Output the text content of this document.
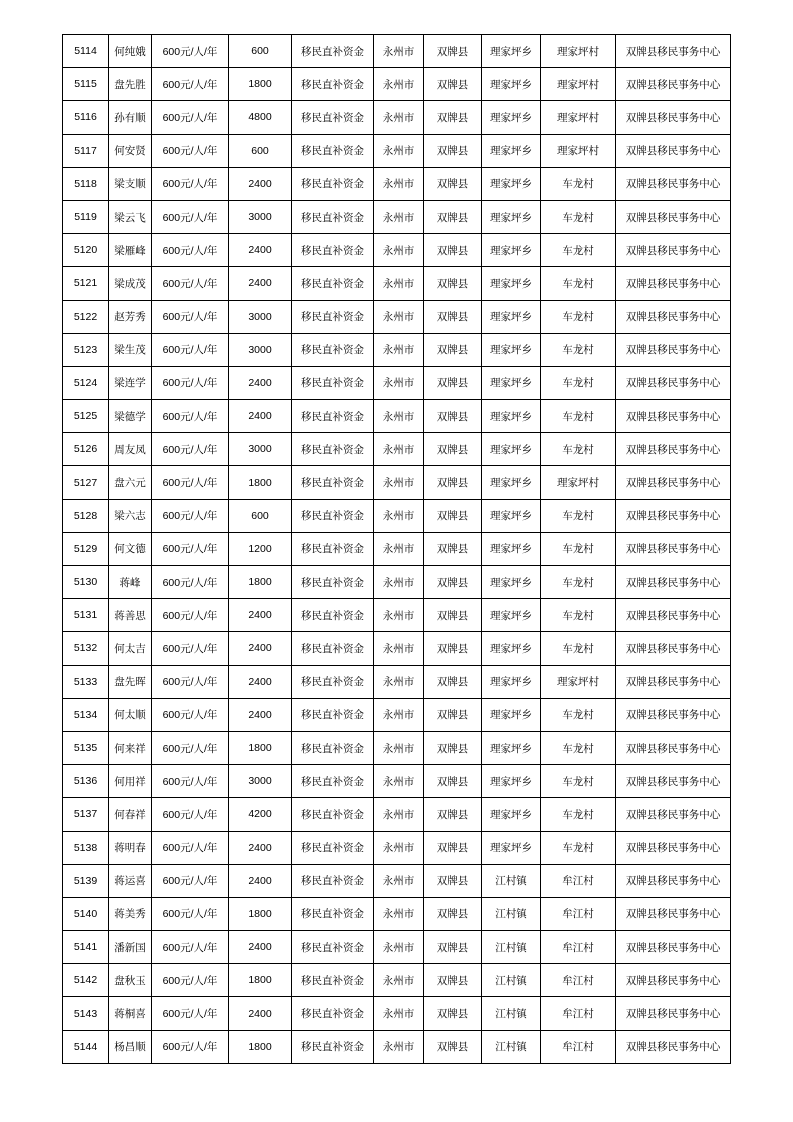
5114	何纯娥	600元/人/年	600	移民直补资金	永州市	双牌县	理家坪乡	理家坪村	双牌县移民事务中心
5115	盘先胜	600元/人/年	1800	移民直补资金	永州市	双牌县	理家坪乡	理家坪村	双牌县移民事务中心
5116	孙有顺	600元/人/年	4800	移民直补资金	永州市	双牌县	理家坪乡	理家坪村	双牌县移民事务中心
5117	何安贤	600元/人/年	600	移民直补资金	永州市	双牌县	理家坪乡	理家坪村	双牌县移民事务中心
5118	梁支顺	600元/人/年	2400	移民直补资金	永州市	双牌县	理家坪乡	车龙村	双牌县移民事务中心
5119	梁云飞	600元/人/年	3000	移民直补资金	永州市	双牌县	理家坪乡	车龙村	双牌县移民事务中心
5120	梁雁峰	600元/人/年	2400	移民直补资金	永州市	双牌县	理家坪乡	车龙村	双牌县移民事务中心
5121	梁成茂	600元/人/年	2400	移民直补资金	永州市	双牌县	理家坪乡	车龙村	双牌县移民事务中心
5122	赵芳秀	600元/人/年	3000	移民直补资金	永州市	双牌县	理家坪乡	车龙村	双牌县移民事务中心
5123	梁生茂	600元/人/年	3000	移民直补资金	永州市	双牌县	理家坪乡	车龙村	双牌县移民事务中心
5124	梁连学	600元/人/年	2400	移民直补资金	永州市	双牌县	理家坪乡	车龙村	双牌县移民事务中心
5125	梁德学	600元/人/年	2400	移民直补资金	永州市	双牌县	理家坪乡	车龙村	双牌县移民事务中心
5126	周友凤	600元/人/年	3000	移民直补资金	永州市	双牌县	理家坪乡	车龙村	双牌县移民事务中心
5127	盘六元	600元/人/年	1800	移民直补资金	永州市	双牌县	理家坪乡	理家坪村	双牌县移民事务中心
5128	梁六志	600元/人/年	600	移民直补资金	永州市	双牌县	理家坪乡	车龙村	双牌县移民事务中心
5129	何文德	600元/人/年	1200	移民直补资金	永州市	双牌县	理家坪乡	车龙村	双牌县移民事务中心
5130	蒋峰	600元/人/年	1800	移民直补资金	永州市	双牌县	理家坪乡	车龙村	双牌县移民事务中心
5131	蒋善思	600元/人/年	2400	移民直补资金	永州市	双牌县	理家坪乡	车龙村	双牌县移民事务中心
5132	何太吉	600元/人/年	2400	移民直补资金	永州市	双牌县	理家坪乡	车龙村	双牌县移民事务中心
5133	盘先晖	600元/人/年	2400	移民直补资金	永州市	双牌县	理家坪乡	理家坪村	双牌县移民事务中心
5134	何太顺	600元/人/年	2400	移民直补资金	永州市	双牌县	理家坪乡	车龙村	双牌县移民事务中心
5135	何来祥	600元/人/年	1800	移民直补资金	永州市	双牌县	理家坪乡	车龙村	双牌县移民事务中心
5136	何用祥	600元/人/年	3000	移民直补资金	永州市	双牌县	理家坪乡	车龙村	双牌县移民事务中心
5137	何春祥	600元/人/年	4200	移民直补资金	永州市	双牌县	理家坪乡	车龙村	双牌县移民事务中心
5138	蒋明春	600元/人/年	2400	移民直补资金	永州市	双牌县	理家坪乡	车龙村	双牌县移民事务中心
5139	蒋运喜	600元/人/年	2400	移民直补资金	永州市	双牌县	江村镇	牟江村	双牌县移民事务中心
5140	蒋美秀	600元/人/年	1800	移民直补资金	永州市	双牌县	江村镇	牟江村	双牌县移民事务中心
5141	潘新国	600元/人/年	2400	移民直补资金	永州市	双牌县	江村镇	牟江村	双牌县移民事务中心
5142	盘秋玉	600元/人/年	1800	移民直补资金	永州市	双牌县	江村镇	牟江村	双牌县移民事务中心
5143	蒋桐喜	600元/人/年	2400	移民直补资金	永州市	双牌县	江村镇	牟江村	双牌县移民事务中心
5144	杨昌顺	600元/人/年	1800	移民直补资金	永州市	双牌县	江村镇	牟江村	双牌县移民事务中心
